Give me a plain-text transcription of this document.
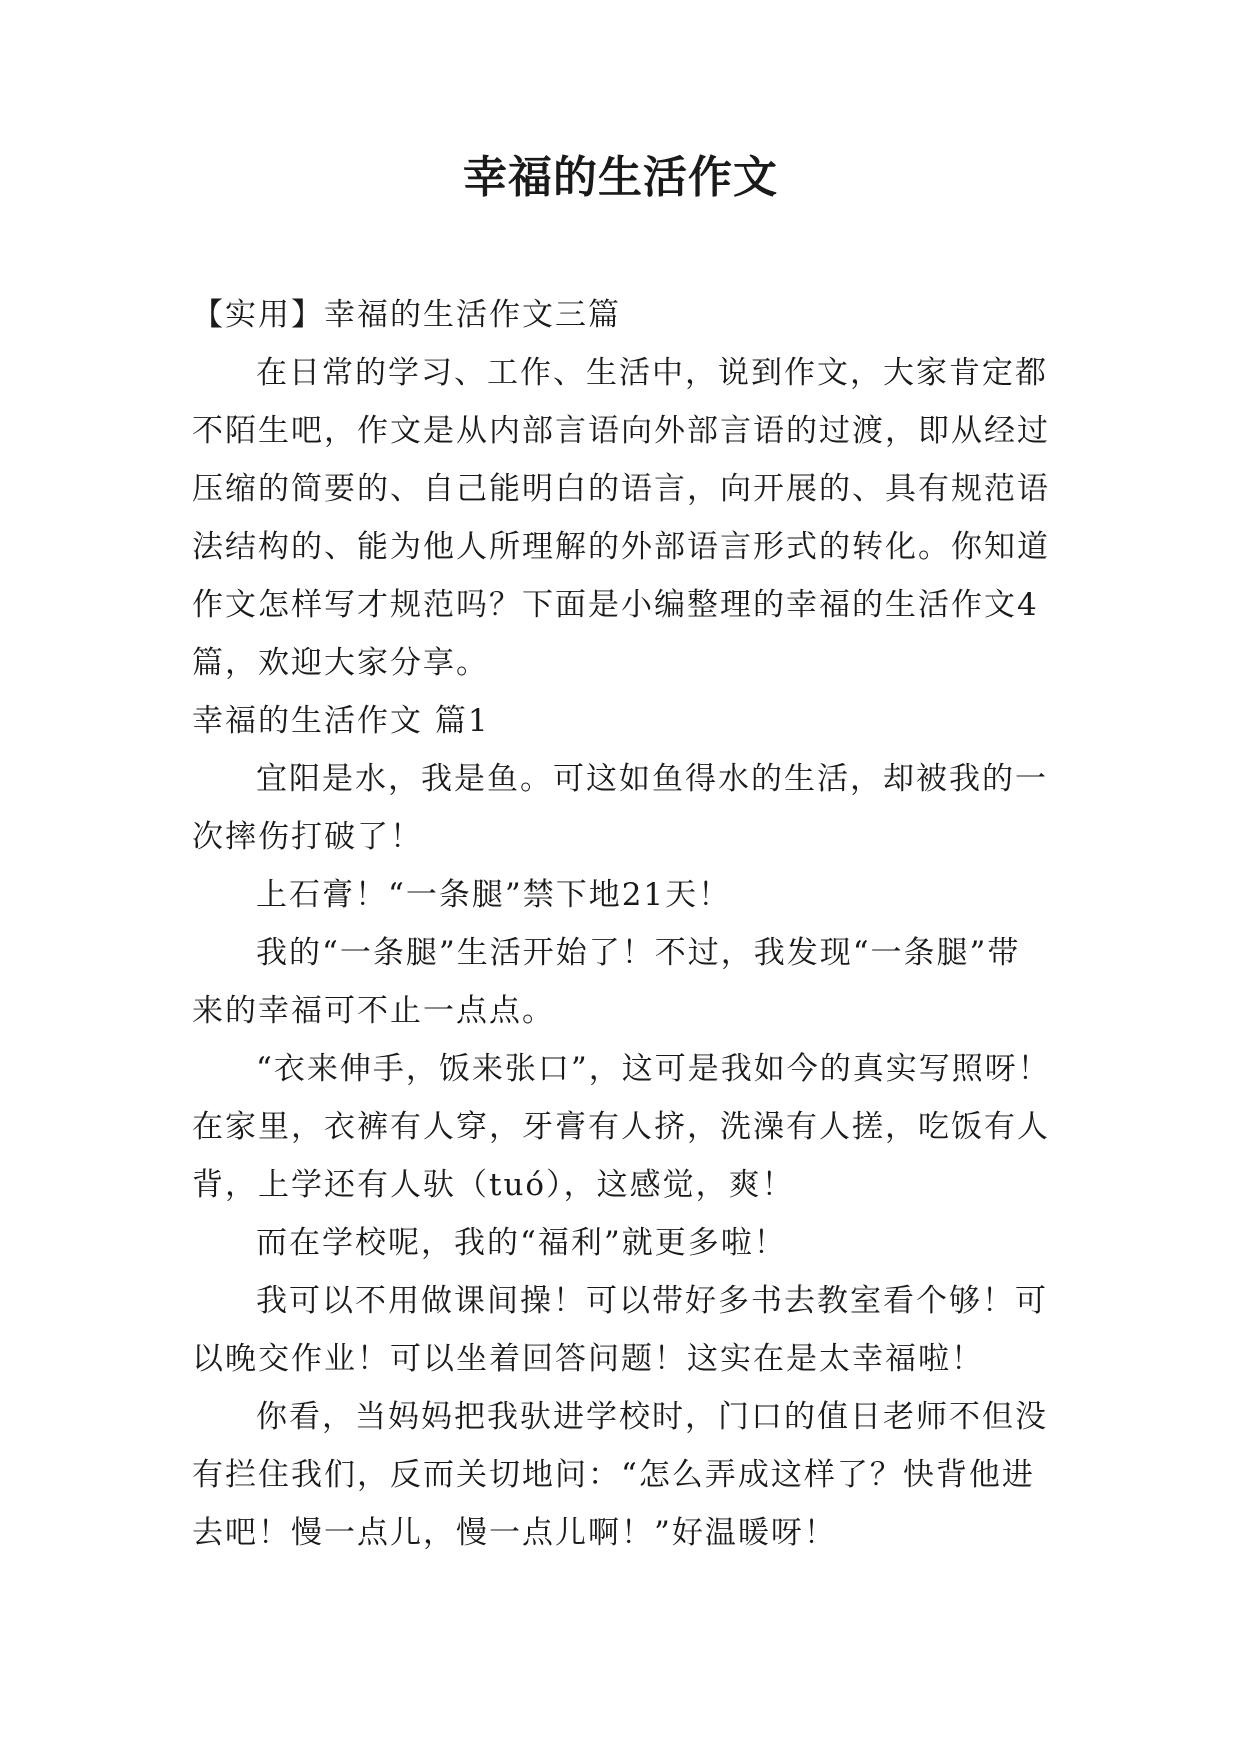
幸福的生活作文

【实用】幸福的生活作文三篇

在日常的学习、工作、生活中，说到作文，大家肯定都不陌生吧，作文是从内部言语向外部言语的过渡，即从经过压缩的简要的、自己能明白的语言，向开展的、具有规范语法结构的、能为他人所理解的外部语言形式的转化。你知道作文怎样写才规范吗？下面是小编整理的幸福的生活作文4篇，欢迎大家分享。

幸福的生活作文 篇1

宜阳是水，我是鱼。可这如鱼得水的生活，却被我的一次摔伤打破了！

上石膏！“一条腿”禁下地21天！

我的“一条腿”生活开始了！不过，我发现“一条腿”带来的幸福可不止一点点。

“衣来伸手，饭来张口”，这可是我如今的真实写照呀！在家里，衣裤有人穿，牙膏有人挤，洗澡有人搓，吃饭有人背，上学还有人驮（tuó），这感觉，爽！

而在学校呢，我的“福利”就更多啦！

我可以不用做课间操！可以带好多书去教室看个够！可以晚交作业！可以坐着回答问题！这实在是太幸福啦！

你看，当妈妈把我驮进学校时，门口的值日老师不但没有拦住我们，反而关切地问：“怎么弄成这样了？快背他进去吧！慢一点儿，慢一点儿啊！”好温暖呀！
